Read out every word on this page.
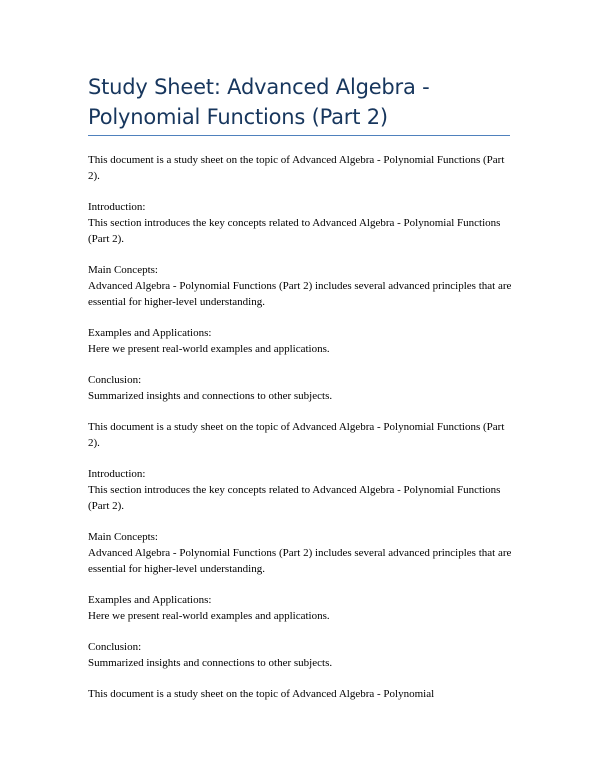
Study Sheet: Advanced Algebra - Polynomial Functions (Part 2)
This document is a study sheet on the topic of Advanced Algebra - Polynomial Functions (Part 2).
Introduction:
This section introduces the key concepts related to Advanced Algebra - Polynomial Functions (Part 2).
Main Concepts:
Advanced Algebra - Polynomial Functions (Part 2) includes several advanced principles that are essential for higher-level understanding.
Examples and Applications:
Here we present real-world examples and applications.
Conclusion:
Summarized insights and connections to other subjects.
This document is a study sheet on the topic of Advanced Algebra - Polynomial Functions (Part 2).
Introduction:
This section introduces the key concepts related to Advanced Algebra - Polynomial Functions (Part 2).
Main Concepts:
Advanced Algebra - Polynomial Functions (Part 2) includes several advanced principles that are essential for higher-level understanding.
Examples and Applications:
Here we present real-world examples and applications.
Conclusion:
Summarized insights and connections to other subjects.
This document is a study sheet on the topic of Advanced Algebra - Polynomial
